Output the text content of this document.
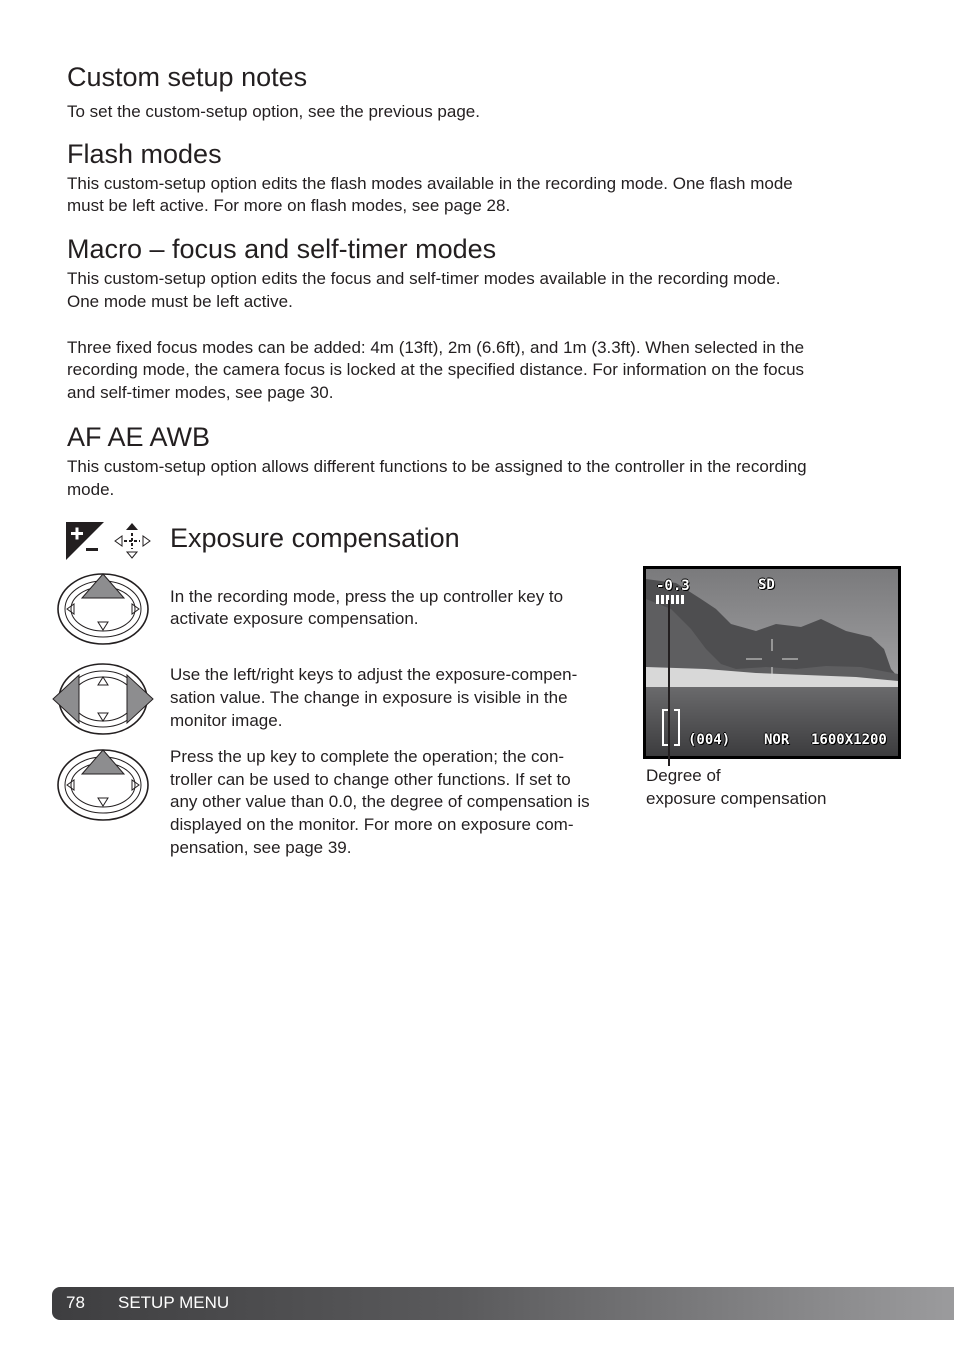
Custom setup notes

To set the custom-setup option, see the previous page.

Flash modes

This custom-setup option edits the flash modes available in the recording mode. One flash mode

must be left active. For more on flash modes, see page 28.

Macro – focus and self-timer modes

This custom-setup option edits the focus and self-timer modes available in the recording mode.

One mode must be left active.

Three fixed focus modes can be added: 4m (13ft), 2m (6.6ft), and 1m (3.3ft). When selected in the

recording mode, the camera focus is locked at the specified distance. For information on the focus

and self-timer modes, see page 30.

AF AE AWB

This custom-setup option allows different functions to be assigned to the controller in the recording

mode.

Exposure compensation

In the recording mode, press the up controller key to

activate exposure compensation.

Use the left/right keys to adjust the exposure-compen-

sation value. The change in exposure is visible in the

monitor image.

Press the up key to complete the operation; the con-

troller can be used to change other functions. If set to

any other value than 0.0, the degree of compensation is

displayed on the monitor. For more on exposure com-

pensation, see page 39.

-0.3	SD
(004) NOR 1600X1200

Degree of

exposure compensation

78 SETUP MENU
